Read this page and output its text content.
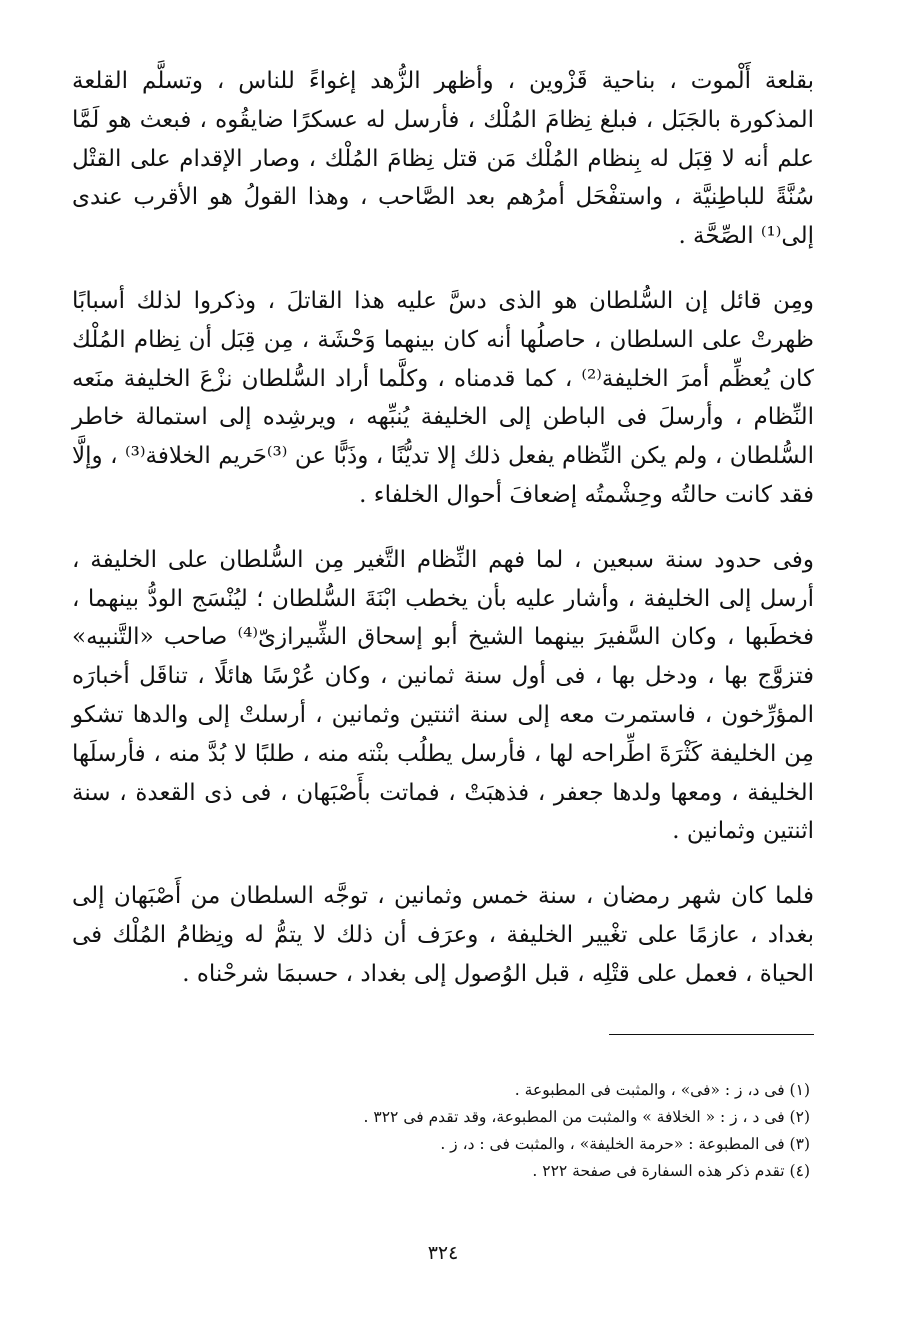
بقلعة أَلْموت ، بناحية قَزْوين ، وأظهر الزُّهد إغواءً للناس ، وتسلَّم القلعة المذكورة بالجَبَل ، فبلغ نِظامَ المُلْك ، فأرسل له عسكرًا ضايقُوه ، فبعث هو لَمَّا علم أنه لا قِبَل له بِنظام المُلْك مَن قتل نِظامَ المُلْك ، وصار الإقدام على القتْل سُنَّةً للباطِنيَّة ، واستفْحَل أمرُهم بعد الصَّاحب ، وهذا القولُ هو الأقرب عندى إلى⁽¹⁾ الصِّحَّة .

ومِن قائل إن السُّلطان هو الذى دسَّ عليه هذا القاتلَ ، وذكروا لذلك أسبابًا ظهرتْ على السلطان ، حاصلُها أنه كان بينهما وَحْشَة ، مِن قِبَل أن نِظام المُلْك كان يُعظِّم أمرَ الخليفة⁽²⁾ ، كما قدمناه ، وكلَّما أراد السُّلطان نزْعَ الخليفة منَعه النِّظام ، وأرسلَ فى الباطن إلى الخليفة يُنبِّهه ، ويرشِده إلى استمالة خاطر السُّلطان ، ولم يكن النِّظام يفعل ذلك إلا تديُّنًا ، وذَبًّا عن ⁽³⁾حَريم الخلافة⁽³⁾ ، وإلَّا فقد كانت حالتُه وحِشْمتُه إضعافَ أحوال الخلفاء .

وفى حدود سنة سبعين ، لما فهم النِّظام التَّغير مِن السُّلطان على الخليفة ، أرسل إلى الخليفة ، وأشار عليه بأن يخطب ابْنَةَ السُّلطان ؛ ليُنْسَج الودُّ بينهما ، فخطَبها ، وكان السَّفيرَ بينهما الشيخ أبو إسحاق الشِّيرازىّ⁽⁴⁾ صاحب «التَّنبيه» فتزوَّج بها ، ودخل بها ، فى أول سنة ثمانين ، وكان عُرْسًا هائلًا ، تناقَل أخبارَه المؤرِّخون ، فاستمرت معه إلى سنة اثنتين وثمانين ، أرسلتْ إلى والدها تشكو مِن الخليفة كَثْرَةَ اطِّراحه لها ، فأرسل يطلُب بنْته منه ، طلبًا لا بُدَّ منه ، فأرسلَها الخليفة ، ومعها ولدها جعفر ، فذهبَتْ ، فماتت بأَصْبَهان ، فى ذى القعدة ، سنة اثنتين وثمانين .

فلما كان شهر رمضان ، سنة خمس وثمانين ، توجَّه السلطان من أَصْبَهان إلى بغداد ، عازمًا على تغْيير الخليفة ، وعرَف أن ذلك لا يتمُّ له ونِظامُ المُلْك فى الحياة ، فعمل على قتْلِه ، قبل الوُصول إلى بغداد ، حسبمَا شرحْناه .

(١) فى د، ز : «فى» ، والمثبت فى المطبوعة .
(٢) فى د ، ز : « الخلافة » والمثبت من المطبوعة، وقد تقدم فى ٣٢٢ .
(٣) فى المطبوعة : «حرمة الخليفة» ، والمثبت فى : د، ز .
(٤) تقدم ذكر هذه السفارة فى صفحة ٢٢٢ .
٣٢٤
